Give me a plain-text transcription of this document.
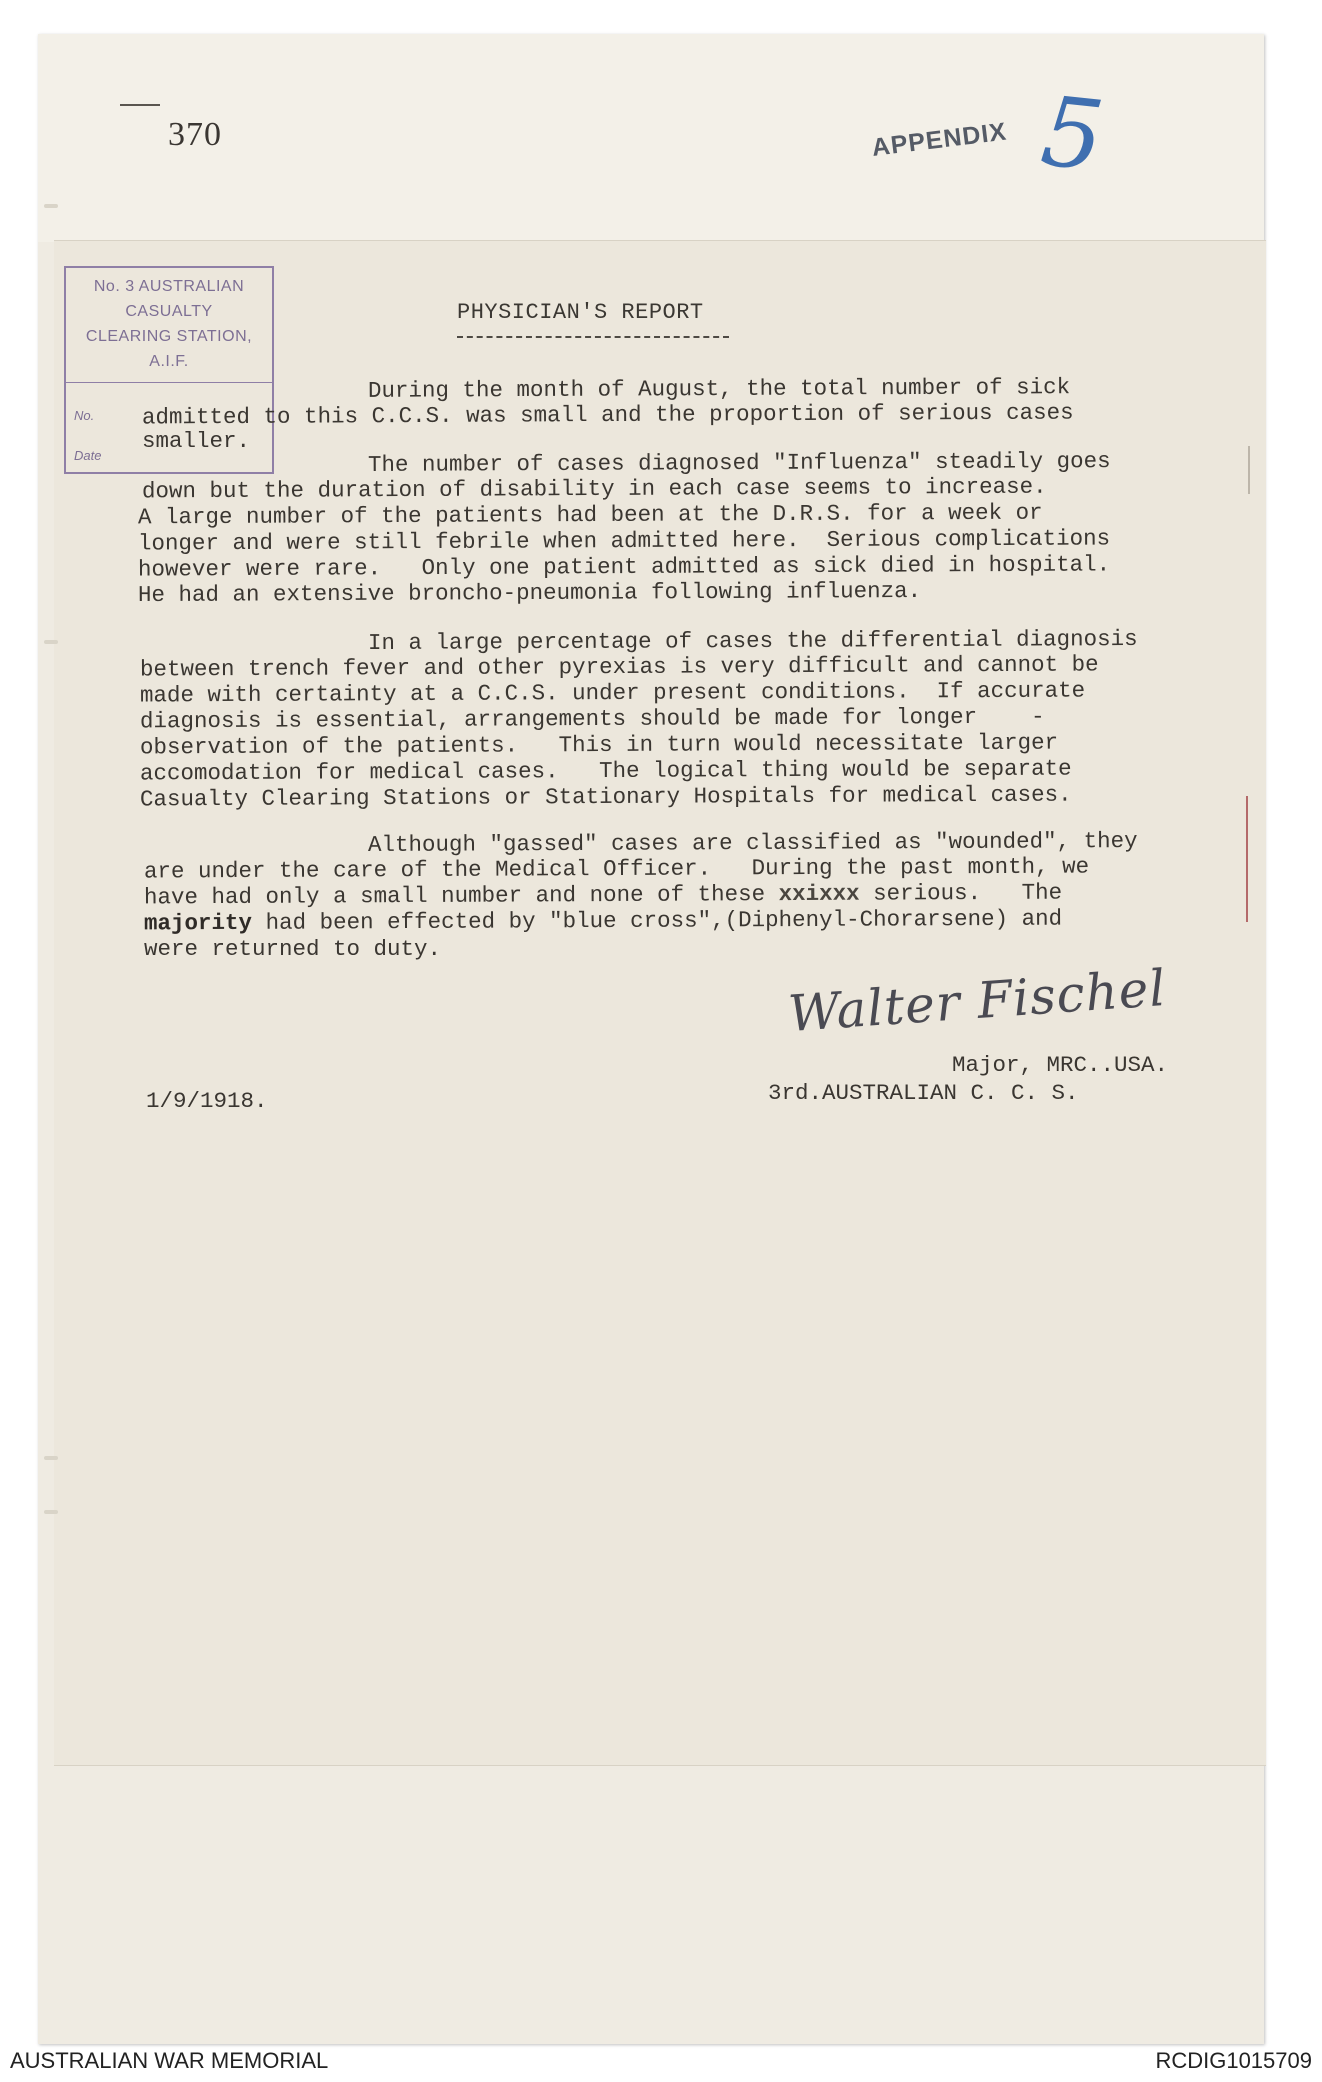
370	APPENDIX 5
No. 3 AUSTRALIAN
CASUALTY
CLEARING STATION,
A.I.F.
No.
Date
PHYSICIAN'S REPORT
During the month of August, the total number of sick
admitted to this C.C.S. was small and the proportion of serious cases
smaller.
The number of cases diagnosed "Influenza" steadily goes
down but the duration of disability in each case seems to increase.
A large number of the patients had been at the D.R.S. for a week or
longer and were still febrile when admitted here.  Serious complications
however were rare.   Only one patient admitted as sick died in hospital.
He had an extensive broncho-pneumonia following influenza.
In a large percentage of cases the differential diagnosis
between trench fever and other pyrexias is very difficult and cannot be
made with certainty at a C.C.S. under present conditions.  If accurate
diagnosis is essential, arrangements should be made for longer    -
observation of the patients.   This in turn would necessitate larger
accomodation for medical cases.   The logical thing would be separate
Casualty Clearing Stations or Stationary Hospitals for medical cases.
Although "gassed" cases are classified as "wounded", they
are under the care of the Medical Officer.   During the past month, we
have had only a small number and none of these xxixxx serious.   The
majority had been effected by "blue cross",(Diphenyl-Chorarsene) and
were returned to duty.
Walter Fischel
Major, MRC..USA.
3rd.AUSTRALIAN C. C. S.
1/9/1918.
AUSTRALIAN WAR MEMORIAL	RCDIG1015709
